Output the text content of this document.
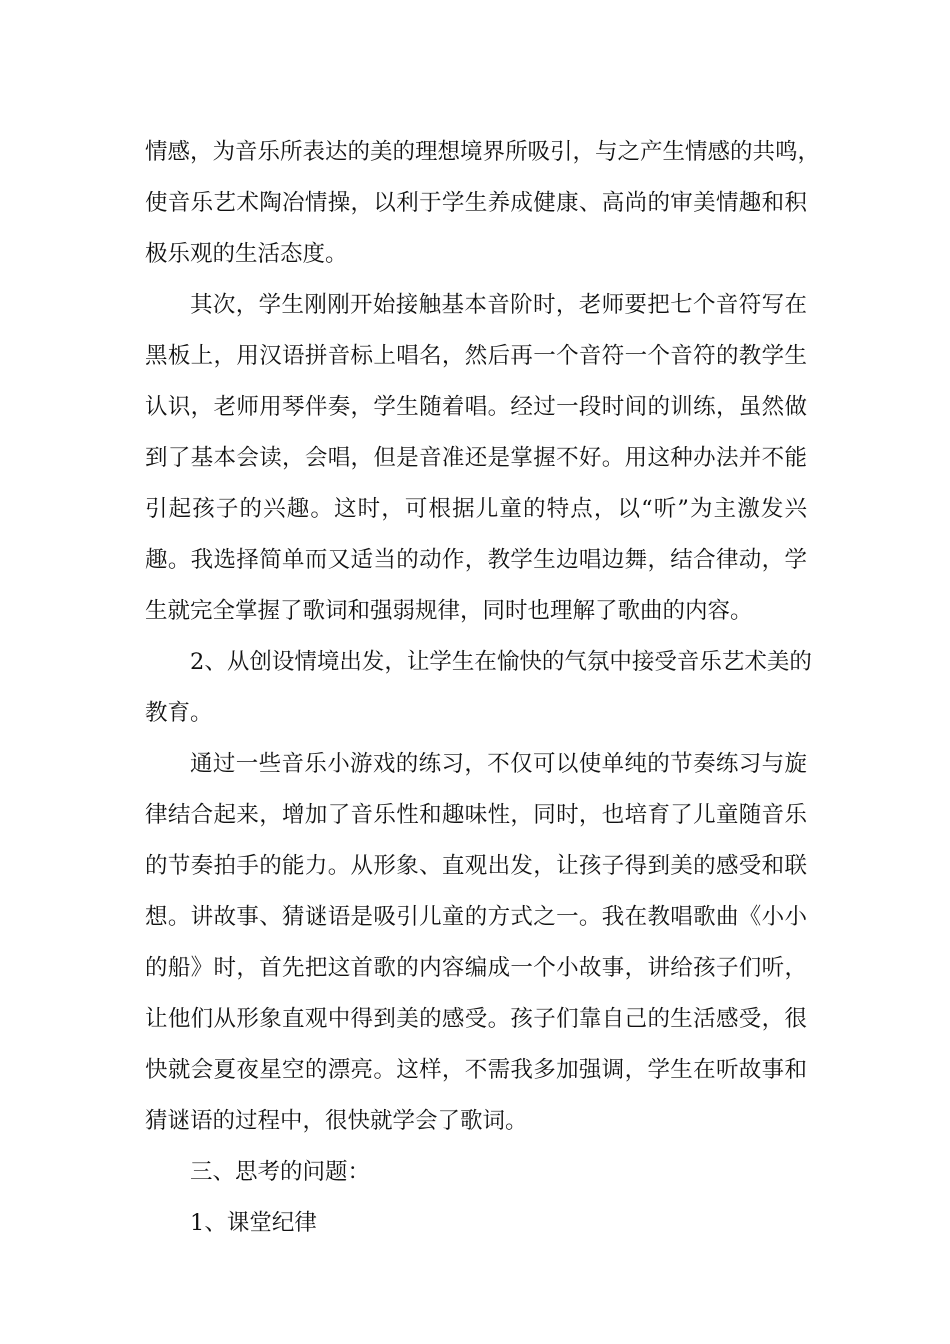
情感，为音乐所表达的美的理想境界所吸引，与之产生情感的共鸣，
使音乐艺术陶冶情操，以利于学生养成健康、高尚的审美情趣和积
极乐观的生活态度。
其次，学生刚刚开始接触基本音阶时，老师要把七个音符写在
黑板上，用汉语拼音标上唱名，然后再一个音符一个音符的教学生
认识，老师用琴伴奏，学生随着唱。经过一段时间的训练，虽然做
到了基本会读，会唱，但是音准还是掌握不好。用这种办法并不能
引起孩子的兴趣。这时，可根据儿童的特点，以“听”为主激发兴
趣。我选择简单而又适当的动作，教学生边唱边舞，结合律动，学
生就完全掌握了歌词和强弱规律，同时也理解了歌曲的内容。
2、从创设情境出发，让学生在愉快的气氛中接受音乐艺术美的
教育。
通过一些音乐小游戏的练习，不仅可以使单纯的节奏练习与旋
律结合起来，增加了音乐性和趣味性，同时，也培育了儿童随音乐
的节奏拍手的能力。从形象、直观出发，让孩子得到美的感受和联
想。讲故事、猜谜语是吸引儿童的方式之一。我在教唱歌曲《小小
的船》时，首先把这首歌的内容编成一个小故事，讲给孩子们听，
让他们从形象直观中得到美的感受。孩子们靠自己的生活感受，很
快就会夏夜星空的漂亮。这样，不需我多加强调，学生在听故事和
猜谜语的过程中，很快就学会了歌词。
三、思考的问题：
1、课堂纪律
